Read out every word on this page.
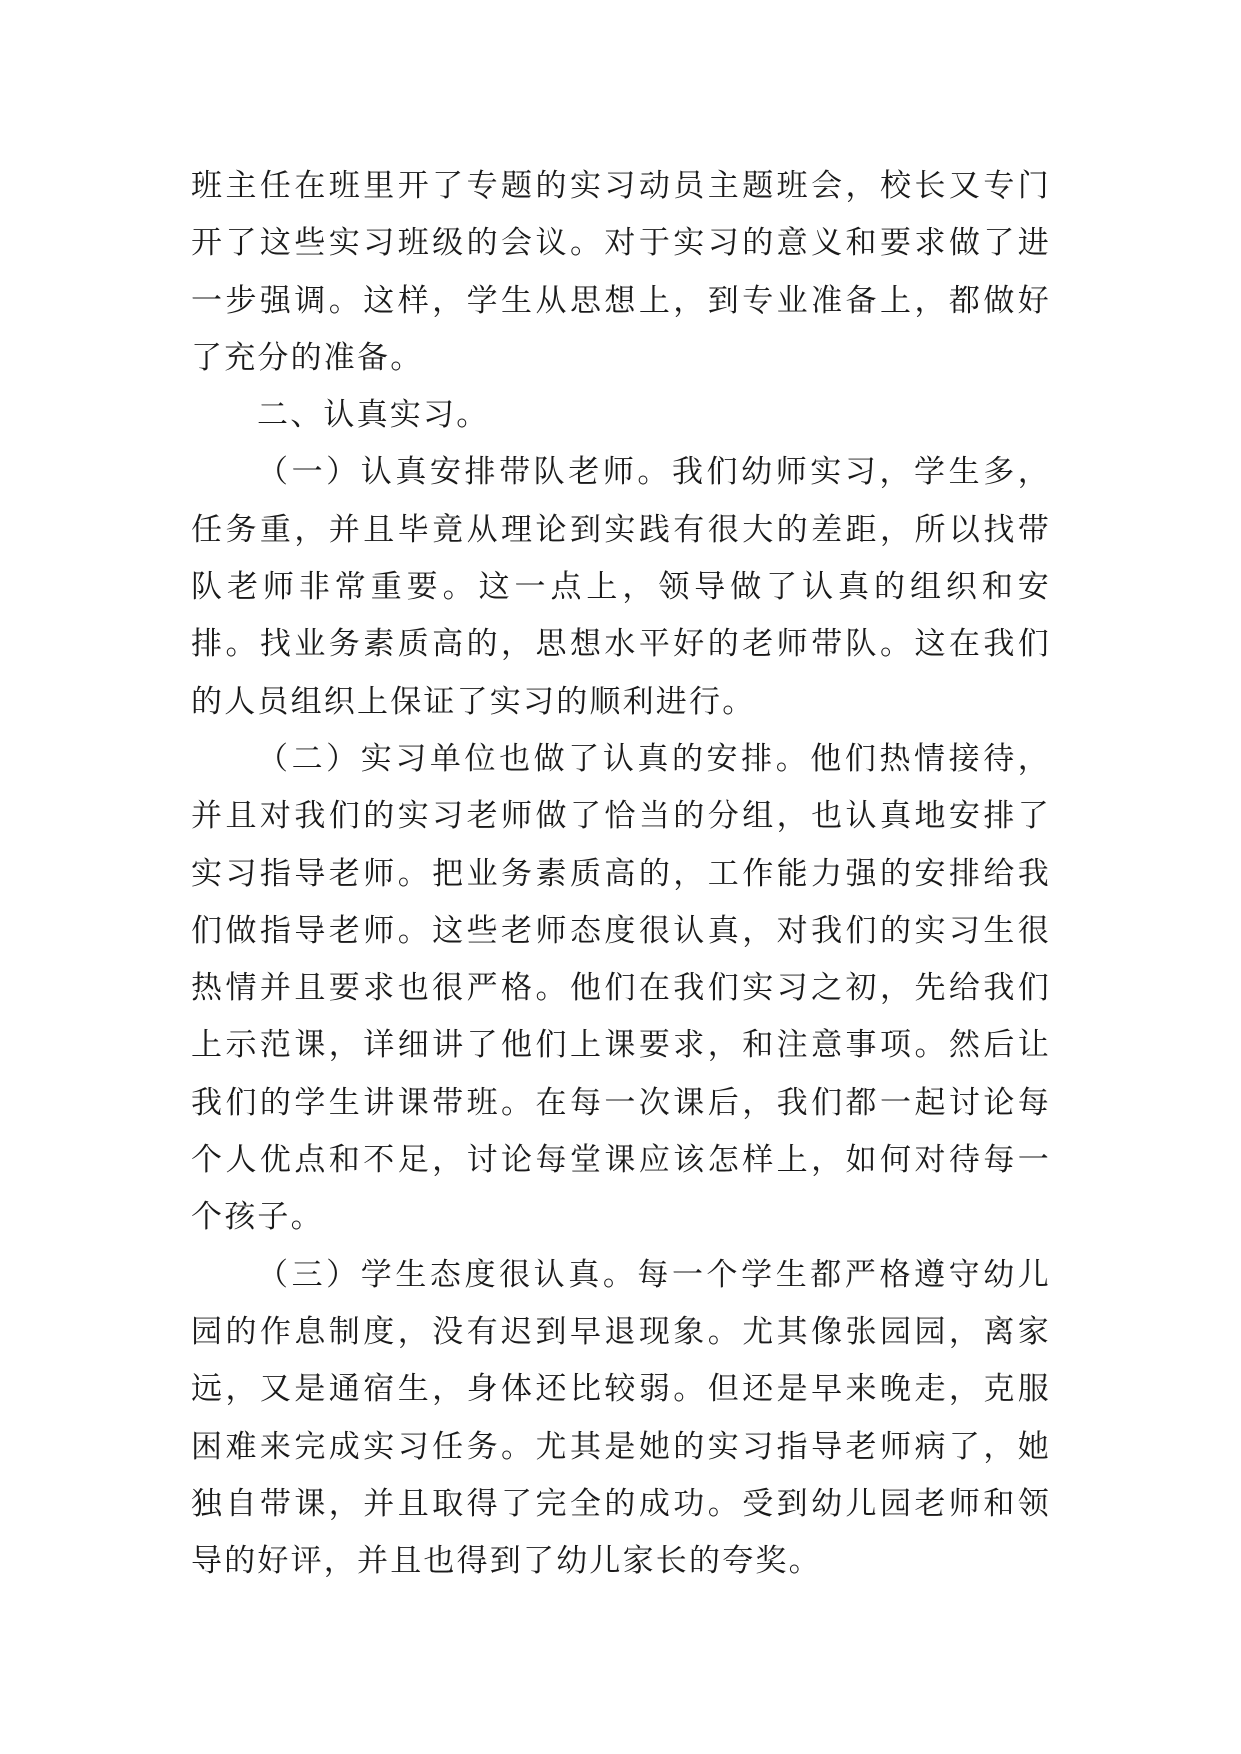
班主任在班里开了专题的实习动员主题班会，校长又专门开了这些实习班级的会议。对于实习的意义和要求做了进一步强调。这样，学生从思想上，到专业准备上，都做好了充分的准备。

二、认真实习。

（一）认真安排带队老师。我们幼师实习，学生多，任务重，并且毕竟从理论到实践有很大的差距，所以找带队老师非常重要。这一点上，领导做了认真的组织和安排。找业务素质高的，思想水平好的老师带队。这在我们的人员组织上保证了实习的顺利进行。

（二）实习单位也做了认真的安排。他们热情接待，并且对我们的实习老师做了恰当的分组，也认真地安排了实习指导老师。把业务素质高的，工作能力强的安排给我们做指导老师。这些老师态度很认真，对我们的实习生很热情并且要求也很严格。他们在我们实习之初，先给我们上示范课，详细讲了他们上课要求，和注意事项。然后让我们的学生讲课带班。在每一次课后，我们都一起讨论每个人优点和不足，讨论每堂课应该怎样上，如何对待每一个孩子。

（三）学生态度很认真。每一个学生都严格遵守幼儿园的作息制度，没有迟到早退现象。尤其像张园园，离家远，又是通宿生，身体还比较弱。但还是早来晚走，克服困难来完成实习任务。尤其是她的实习指导老师病了，她独自带课，并且取得了完全的成功。受到幼儿园老师和领导的好评，并且也得到了幼儿家长的夸奖。
